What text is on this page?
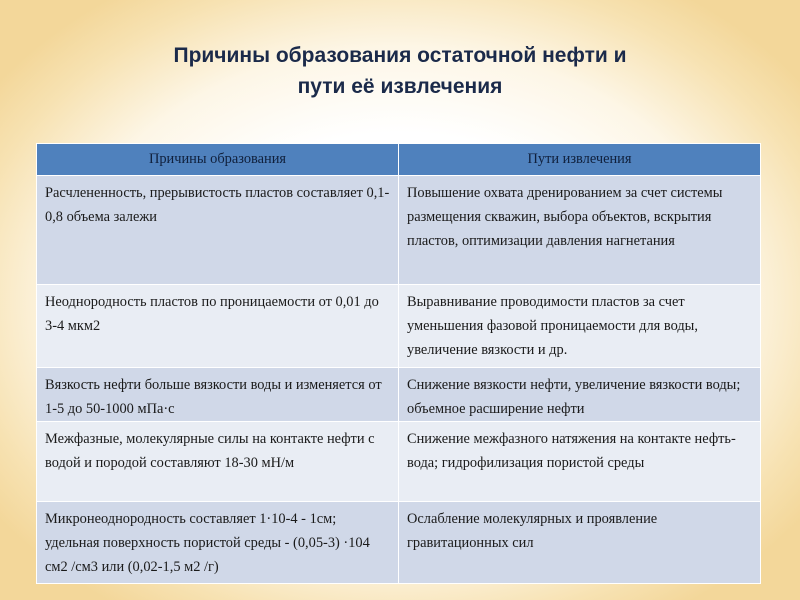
Причины образования остаточной нефти и
пути её извлечения
Причины образования	Пути извлечения
Расчлененность, прерывистость пластов составляет 0,1-0,8 объема залежи	Повышение охвата дренированием за счет системы размещения скважин, выбора объектов, вскрытия пластов, оптимизации давления нагнетания
Неоднородность пластов по проницаемости от 0,01 до 3-4 мкм2	Выравнивание проводимости пластов за счет уменьшения фазовой проницаемости для воды, увеличение вязкости и др.
Вязкость нефти больше вязкости воды и изменяется от 1-5 до 50-1000 мПа·с	Снижение вязкости нефти, увеличение вязкости воды; объемное расширение нефти
Межфазные, молекулярные силы на контакте нефти с водой и породой составляют 18-30 мН/м	Снижение межфазного натяжения на контакте нефть-вода; гидрофилизация пористой среды
Микронеоднородность составляет 1·10-4 - 1см; удельная поверхность пористой среды - (0,05-3) ·104 см2 /см3 или (0,02-1,5 м2 /г)	Ослабление молекулярных и проявление гравитационных сил
